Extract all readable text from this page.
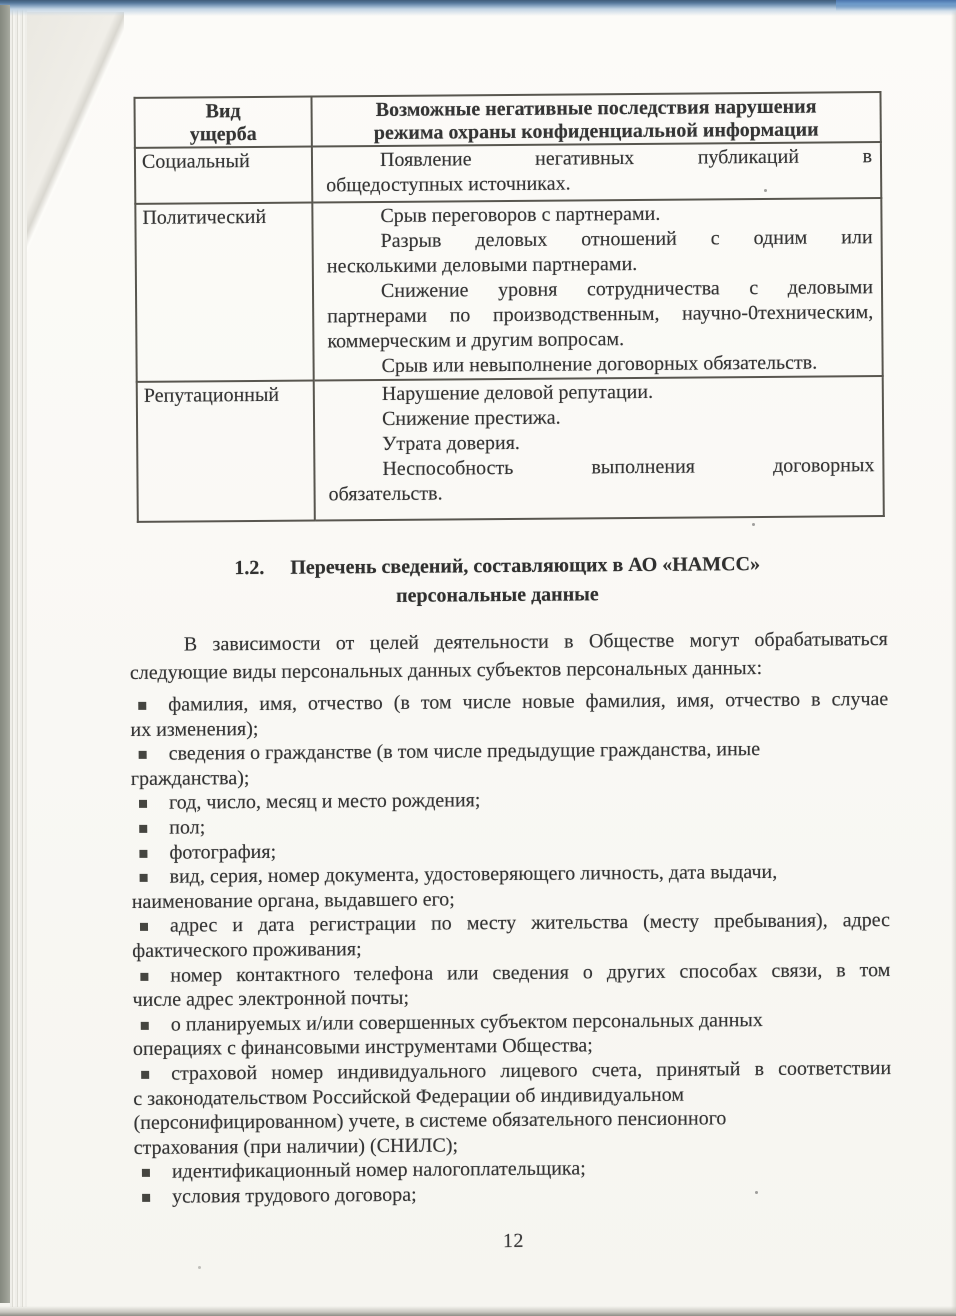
Вид
ущерба	Возможные негативные последствия нарушения
режима охраны конфиденциальной информации

Социальный	Появление негативных публикаций в
общедоступных источниках.

Политический	Срыв переговоров с партнерами.
Разрыв деловых отношений с одним или
несколькими деловыми партнерами.
Снижение уровня сотрудничества с деловыми
партнерами по производственным, научно-0техническим,
коммерческим и другим вопросам.
Срыв или невыполнение договорных обязательств.

Репутационный	Нарушение деловой репутации.
Снижение престижа.
Утрата доверия.
Неспособность выполнения договорных
обязательств.
1.2. Перечень сведений, составляющих в АО «НАМСС»
персональные данные
В зависимости от целей деятельности в Обществе могут обрабатываться
следующие виды персональных данных субъектов персональных данных:
фамилия, имя, отчество (в том числе новые фамилия, имя, отчество в случае
их изменения);
сведения о гражданстве (в том числе предыдущие гражданства, иные
гражданства);
год, число, месяц и место рождения;
пол;
фотография;
вид, серия, номер документа, удостоверяющего личность, дата выдачи,
наименование органа, выдавшего его;
адрес и дата регистрации по месту жительства (месту пребывания), адрес
фактического проживания;
номер контактного телефона или сведения о других способах связи, в том
числе адрес электронной почты;
о планируемых и/или совершенных субъектом персональных данных
операциях с финансовыми инструментами Общества;
страховой номер индивидуального лицевого счета, принятый в соответствии
с законодательством Российской Федерации об индивидуальном
(персонифицированном) учете, в системе обязательного пенсионного
страхования (при наличии) (СНИЛС);
идентификационный номер налогоплательщика;
условия трудового договора;
12
